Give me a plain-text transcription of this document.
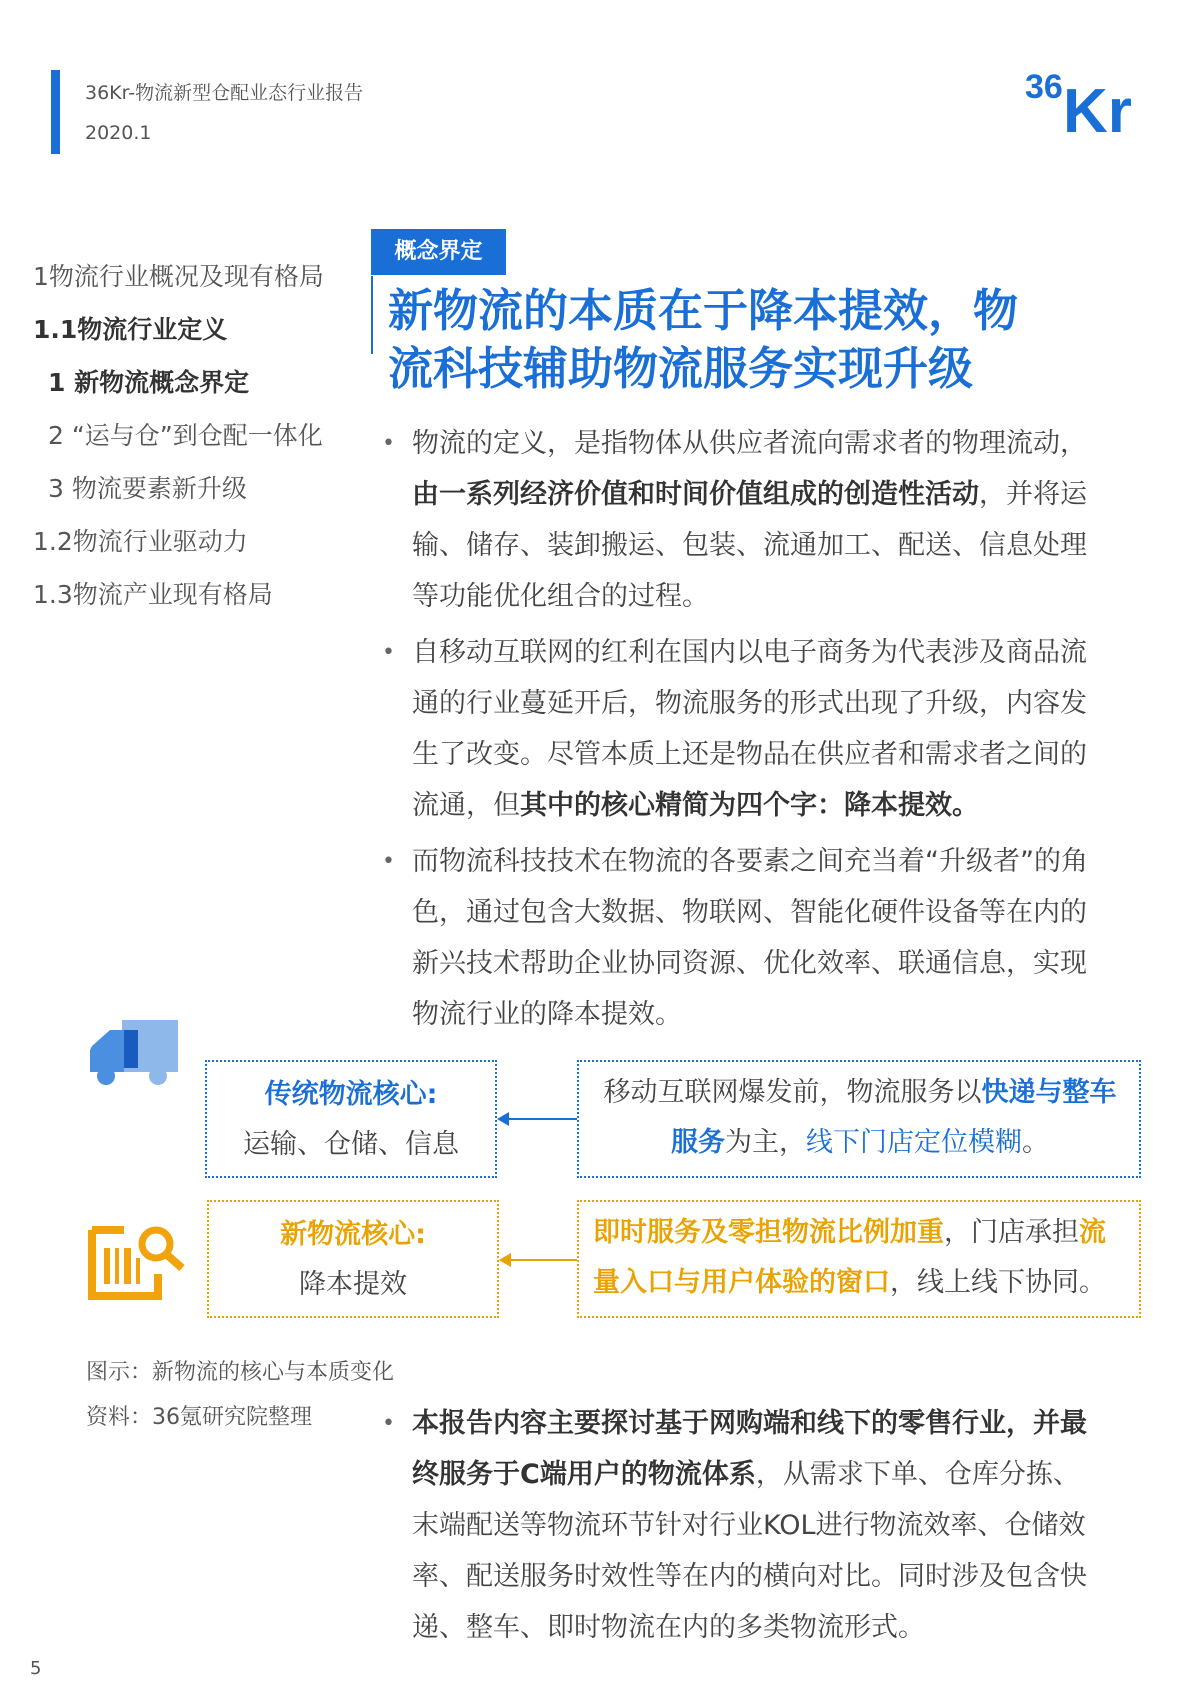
36Kr-物流新型仓配业态行业报告
2020.1
36 Kr
1物流行业概况及现有格局
1.1物流行业定义
1 新物流概念界定
2 “运与仓”到仓配一体化
3 物流要素新升级
1.2物流行业驱动力
1.3物流产业现有格局
概念界定
新物流的本质在于降本提效，物
流科技辅助物流服务实现升级
• 物流的定义，是指物体从供应者流向需求者的物理流动，由一系列经济价值和时间价值组成的创造性活动，并将运输、储存、装卸搬运、包装、流通加工、配送、信息处理等功能优化组合的过程。
• 自移动互联网的红利在国内以电子商务为代表涉及商品流通的行业蔓延开后，物流服务的形式出现了升级，内容发生了改变。尽管本质上还是物品在供应者和需求者之间的流通，但其中的核心精简为四个字：降本提效。
• 而物流科技技术在物流的各要素之间充当着“升级者”的角色，通过包含大数据、物联网、智能化硬件设备等在内的新兴技术帮助企业协同资源、优化效率、联通信息，实现物流行业的降本提效。
传统物流核心:
运输、仓储、信息
移动互联网爆发前，物流服务以快递与整车服务为主，线下门店定位模糊。
新物流核心:
降本提效
即时服务及零担物流比例加重，门店承担流量入口与用户体验的窗口，线上线下协同。
图示：新物流的核心与本质变化
资料：36氪研究院整理
•	本报告内容主要探讨基于网购端和线下的零售行业，并最终服务于C端用户的物流体系，从需求下单、仓库分拣、末端配送等物流环节针对行业KOL进行物流效率、仓储效率、配送服务时效性等在内的横向对比。同时涉及包含快递、整车、即时物流在内的多类物流形式。
5
